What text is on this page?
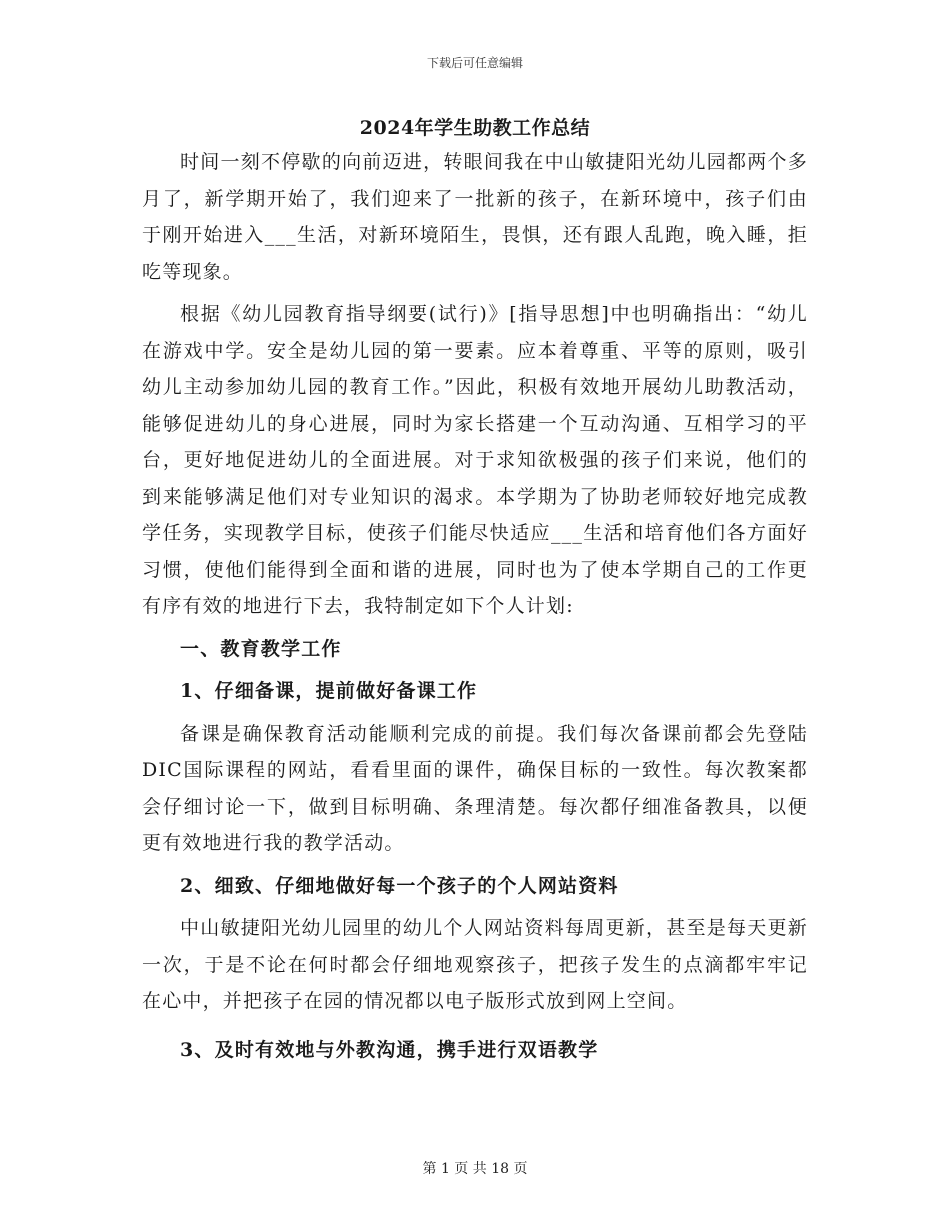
下载后可任意编辑
2024年学生助教工作总结

时间一刻不停歇的向前迈进，转眼间我在中山敏捷阳光幼儿园都两个多月了，新学期开始了，我们迎来了一批新的孩子，在新环境中，孩子们由于刚开始进入___生活，对新环境陌生，畏惧，还有跟人乱跑，晚入睡，拒吃等现象。

根据《幼儿园教育指导纲要(试行)》[指导思想]中也明确指出：“幼儿在游戏中学。安全是幼儿园的第一要素。应本着尊重、平等的原则，吸引幼儿主动参加幼儿园的教育工作。”因此，积极有效地开展幼儿助教活动，能够促进幼儿的身心进展，同时为家长搭建一个互动沟通、互相学习的平台，更好地促进幼儿的全面进展。对于求知欲极强的孩子们来说，他们的到来能够满足他们对专业知识的渴求。本学期为了协助老师较好地完成教学任务，实现教学目标，使孩子们能尽快适应___生活和培育他们各方面好习惯，使他们能得到全面和谐的进展，同时也为了使本学期自己的工作更有序有效的地进行下去，我特制定如下个人计划:

一、教育教学工作

1、仔细备课，提前做好备课工作

备课是确保教育活动能顺利完成的前提。我们每次备课前都会先登陆DIC国际课程的网站，看看里面的课件，确保目标的一致性。每次教案都会仔细讨论一下，做到目标明确、条理清楚。每次都仔细准备教具，以便更有效地进行我的教学活动。

2、细致、仔细地做好每一个孩子的个人网站资料

中山敏捷阳光幼儿园里的幼儿个人网站资料每周更新，甚至是每天更新一次，于是不论在何时都会仔细地观察孩子，把孩子发生的点滴都牢牢记在心中，并把孩子在园的情况都以电子版形式放到网上空间。

3、及时有效地与外教沟通，携手进行双语教学

第 1 页 共 18 页
